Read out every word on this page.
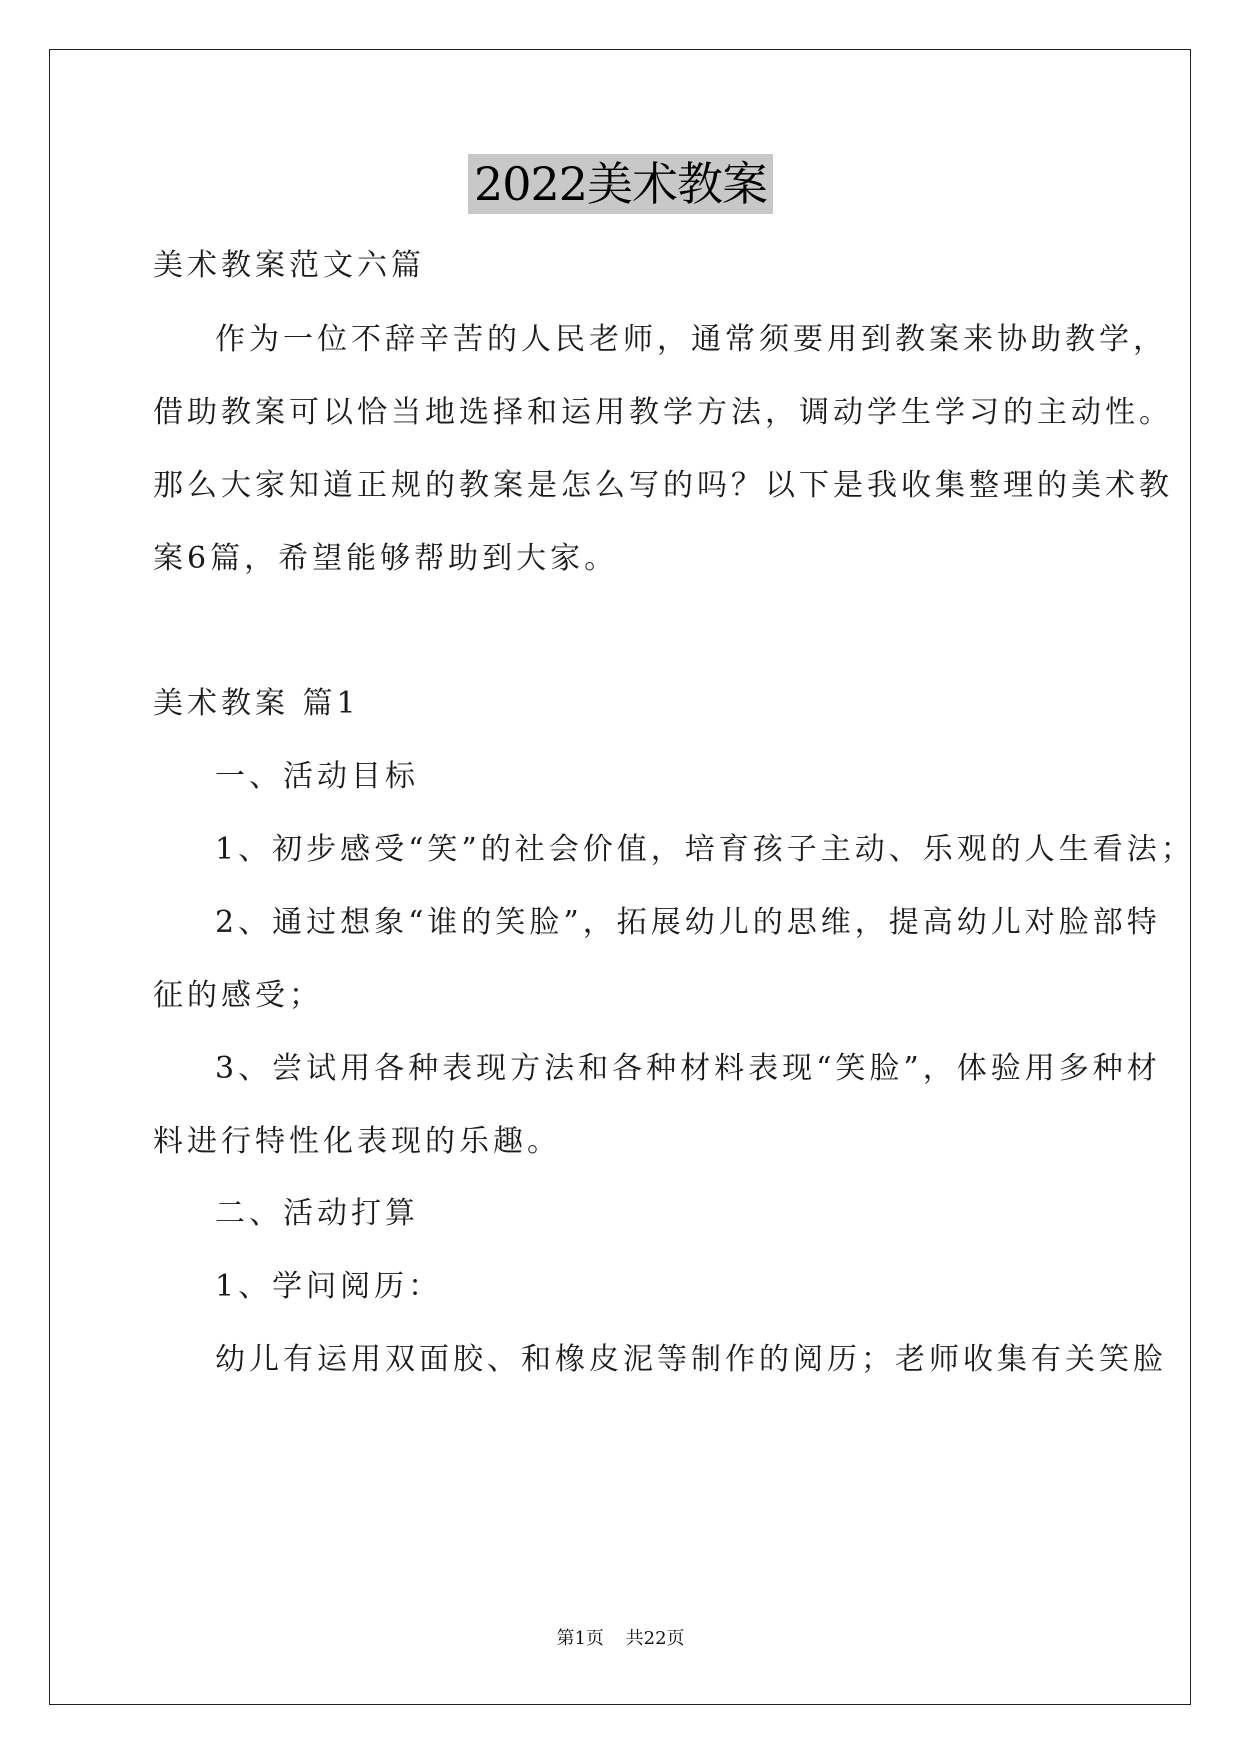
2022美术教案
美术教案范文六篇
作为一位不辞辛苦的人民老师，通常须要用到教案来协助教学，
借助教案可以恰当地选择和运用教学方法，调动学生学习的主动性。
那么大家知道正规的教案是怎么写的吗？以下是我收集整理的美术教
案6篇，希望能够帮助到大家。
美术教案 篇1
一、活动目标
1、初步感受“笑”的社会价值，培育孩子主动、乐观的人生看法；
2、通过想象“谁的笑脸”，拓展幼儿的思维，提高幼儿对脸部特
征的感受；
3、尝试用各种表现方法和各种材料表现“笑脸”，体验用多种材
料进行特性化表现的乐趣。
二、活动打算
1、学问阅历：
幼儿有运用双面胶、和橡皮泥等制作的阅历；老师收集有关笑脸
第1页 共22页
